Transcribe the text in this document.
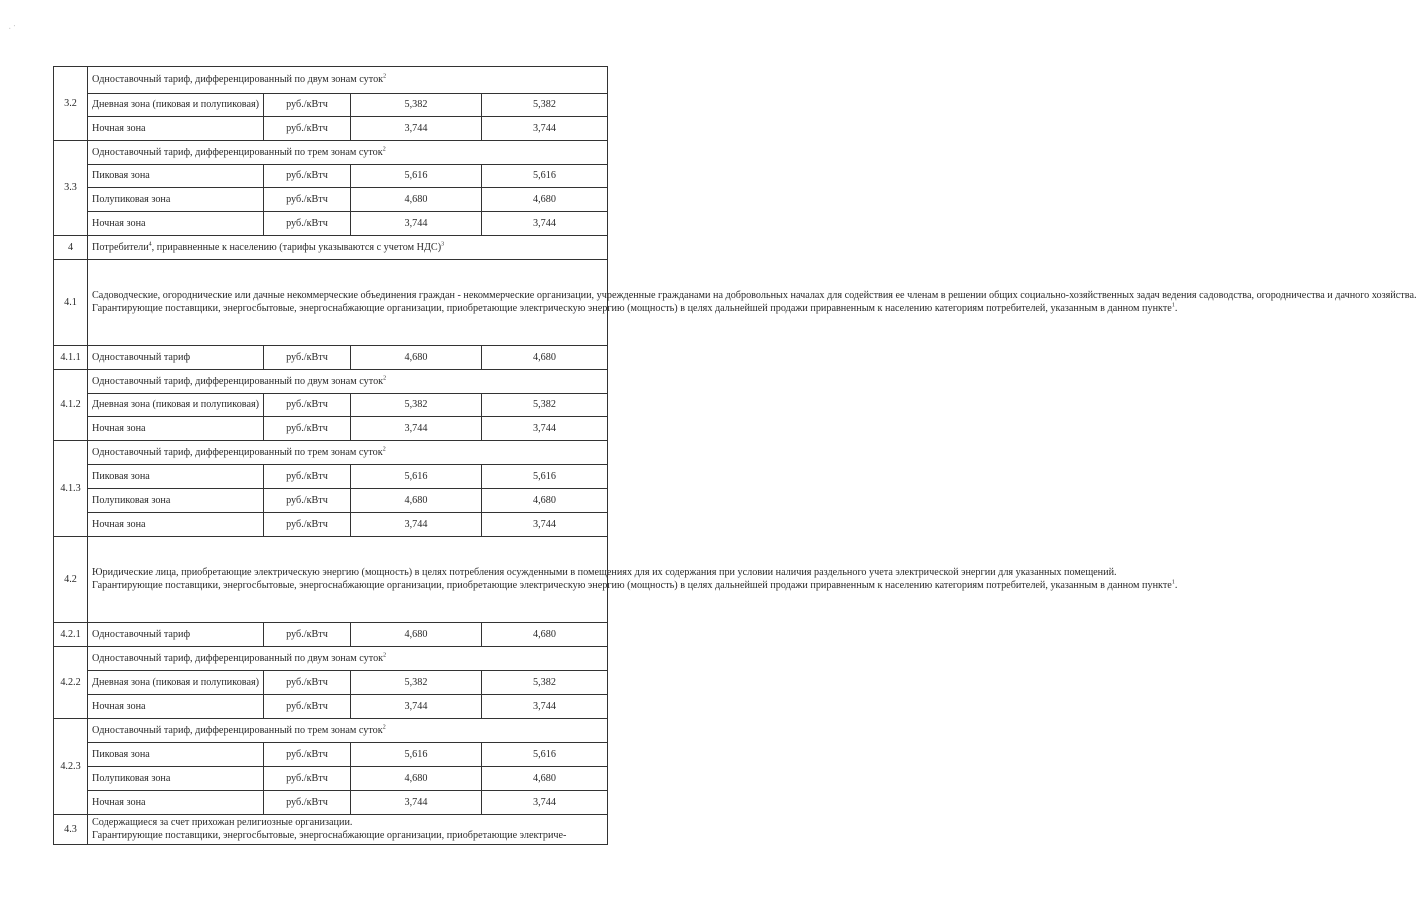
· ·
3.2	Одноставочный тариф, дифференцированный по двум зонам суток$^2$
	Дневная зона (пиковая и полупиковая)	руб./кВтч	5,382	5,382
	Ночная зона	руб./кВтч	3,744	3,744
3.3	Одноставочный тариф, дифференцированный по трем зонам суток$^2$
	Пиковая зона	руб./кВтч	5,616	5,616
	Полупиковая зона	руб./кВтч	4,680	4,680
	Ночная зона	руб./кВтч	3,744	3,744
4	Потребители$^4$, приравненные к населению (тарифы указываются с учетом НДС)$^3$
4.1	Садоводческие, огороднические или дачные некоммерческие объединения граждан - некоммерческие организации, учрежденные гражданами на добровольных началах для содействия ее членам в решении общих социально-хозяйственных задач ведения садоводства, огородничества и дачного хозяйства.
Гарантирующие поставщики, энергосбытовые, энергоснабжающие организации, приобретающие электрическую энергию (мощность) в целях дальнейшей продажи приравненным к населению категориям потребителей, указанным в данном пункте$^1$.			

4.1.1	Одноставочный тариф	руб./кВтч	4,680	4,680
4.1.2	Одноставочный тариф, дифференцированный по двум зонам суток$^2$
	Дневная зона (пиковая и полупиковая)	руб./кВтч	5,382	5,382
	Ночная зона	руб./кВтч	3,744	3,744
4.1.3	Одноставочный тариф, дифференцированный по трем зонам суток$^2$
	Пиковая зона	руб./кВтч	5,616	5,616
	Полупиковая зона	руб./кВтч	4,680	4,680
	Ночная зона	руб./кВтч	3,744	3,744
4.2	Юридические лица, приобретающие электрическую энергию (мощность) в целях потребления осужденными в помещениях для их содержания при условии наличия раздельного учета электрической энергии для указанных помещений.
Гарантирующие поставщики, энергосбытовые, энергоснабжающие организации, приобретающие электрическую энергию (мощность) в целях дальнейшей продажи приравненным к населению категориям потребителей, указанным в данном пункте$^1$.			

4.2.1	Одноставочный тариф	руб./кВтч	4,680	4,680
4.2.2	Одноставочный тариф, дифференцированный по двум зонам суток$^2$
	Дневная зона (пиковая и полупиковая)	руб./кВтч	5,382	5,382
	Ночная зона	руб./кВтч	3,744	3,744
4.2.3	Одноставочный тариф, дифференцированный по трем зонам суток$^2$
	Пиковая зона	руб./кВтч	5,616	5,616
	Полупиковая зона	руб./кВтч	4,680	4,680
	Ночная зона	руб./кВтч	3,744	3,744
4.3	Содержащиеся за счет прихожан религиозные организации.
Гарантирующие поставщики, энергосбытовые, энергоснабжающие организации, приобретающие электриче-			
